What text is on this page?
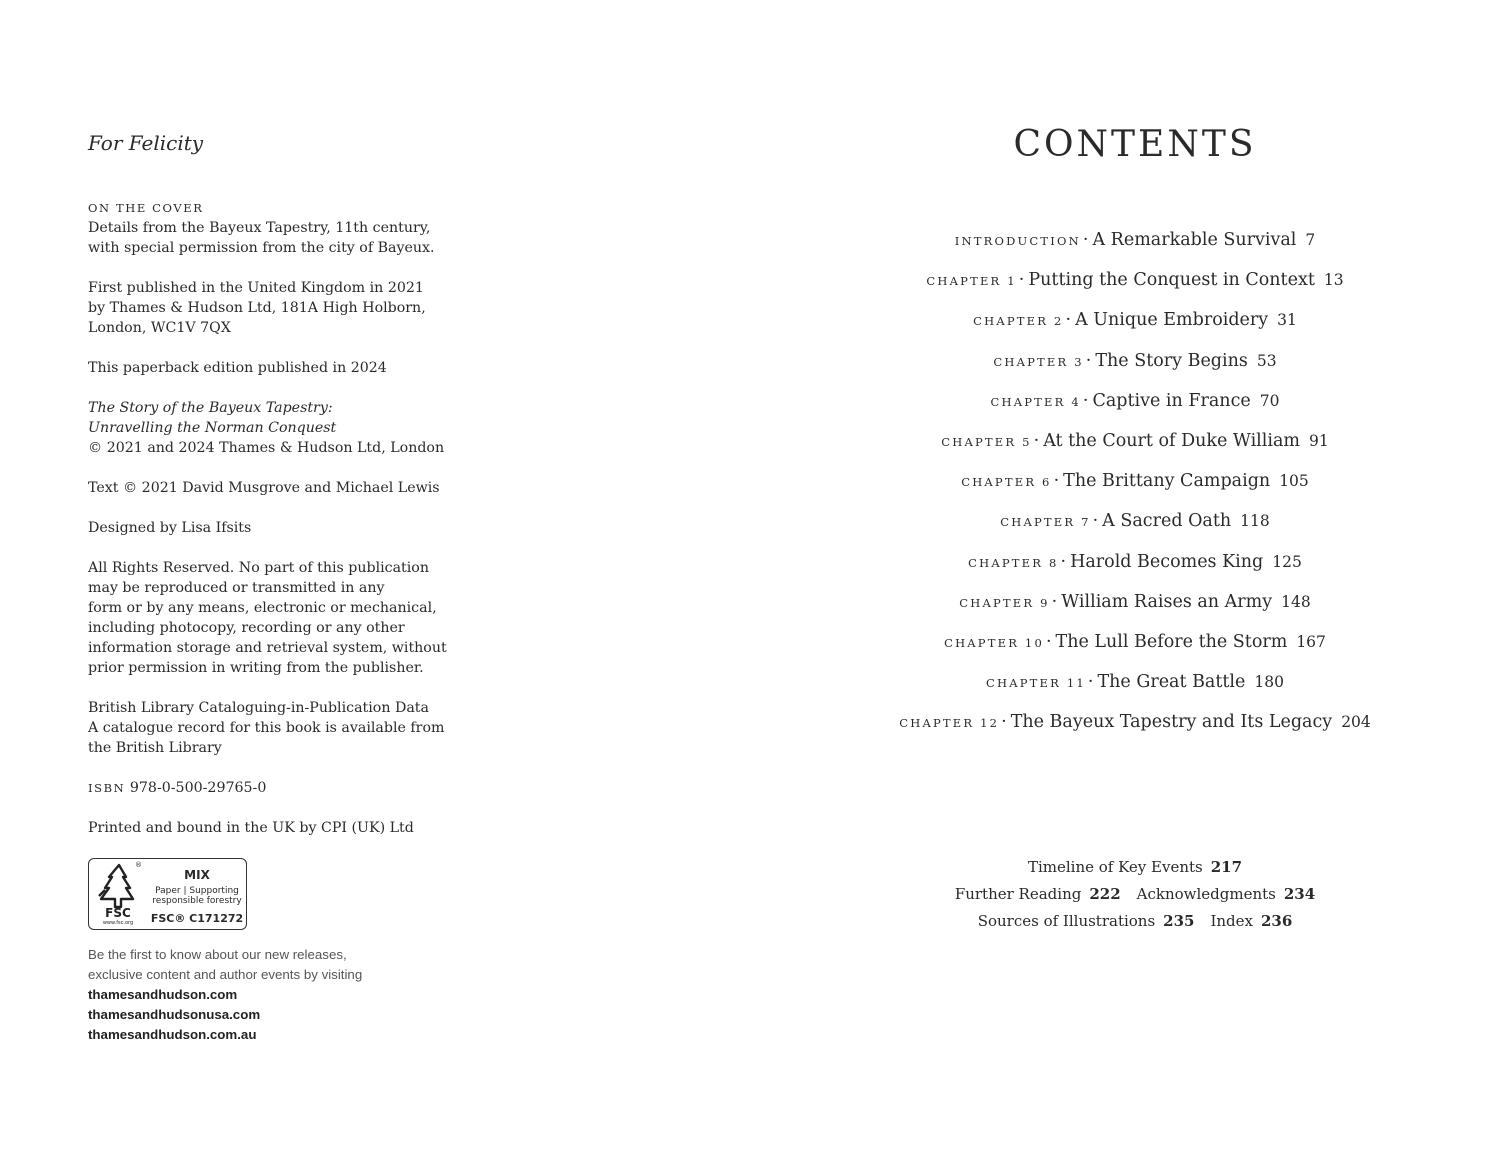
For Felicity

ON THE COVER
Details from the Bayeux Tapestry, 11th century,
with special permission from the city of Bayeux.

First published in the United Kingdom in 2021
by Thames & Hudson Ltd, 181A High Holborn,
London, WC1V 7QX

This paperback edition published in 2024

The Story of the Bayeux Tapestry:
Unravelling the Norman Conquest
© 2021 and 2024 Thames & Hudson Ltd, London

Text © 2021 David Musgrove and Michael Lewis

Designed by Lisa Ifsits

All Rights Reserved. No part of this publication
may be reproduced or transmitted in any
form or by any means, electronic or mechanical,
including photocopy, recording or any other
information storage and retrieval system, without
prior permission in writing from the publisher.

British Library Cataloguing-in-Publication Data
A catalogue record for this book is available from
the British Library

ISBN 978-0-500-29765-0

Printed and bound in the UK by CPI (UK) Ltd

FSC
www.fsc.org
®
MIX
Paper | Supporting
responsible forestry
FSC® C171272
Be the first to know about our new releases,
exclusive content and author events by visiting
thamesandhudson.com
thamesandhudsonusa.com
thamesandhudson.com.au
CONTENTS
INTRODUCTION · A Remarkable Survival 7
CHAPTER 1 · Putting the Conquest in Context 13
CHAPTER 2 · A Unique Embroidery 31
CHAPTER 3 · The Story Begins 53
CHAPTER 4 · Captive in France 70
CHAPTER 5 · At the Court of Duke William 91
CHAPTER 6 · The Brittany Campaign 105
CHAPTER 7 · A Sacred Oath 118
CHAPTER 8 · Harold Becomes King 125
CHAPTER 9 · William Raises an Army 148
CHAPTER 10 · The Lull Before the Storm 167
CHAPTER 11 · The Great Battle 180
CHAPTER 12 · The Bayeux Tapestry and Its Legacy 204
Timeline of Key Events 217
Further Reading 222 Acknowledgments 234
Sources of Illustrations 235 Index 236
